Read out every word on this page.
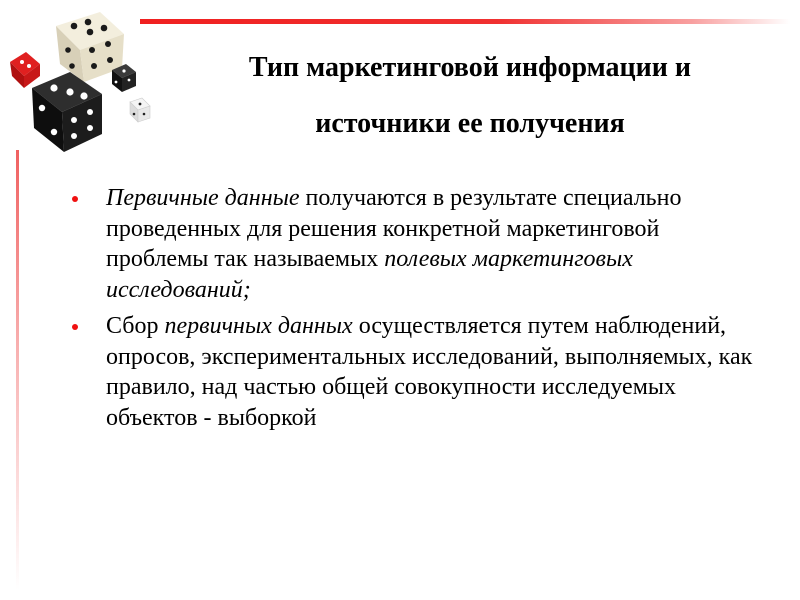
Тип маркетинговой информации и
источники ее получения
Первичные данные получаются в результате специально проведенных для решения конкретной маркетинговой проблемы так называемых полевых маркетинговых исследований;
Сбор первичных данных осуществляется путем наблюдений, опросов, экспериментальных исследований, выполняемых, как правило, над частью общей совокупности исследуемых объектов - выборкой
